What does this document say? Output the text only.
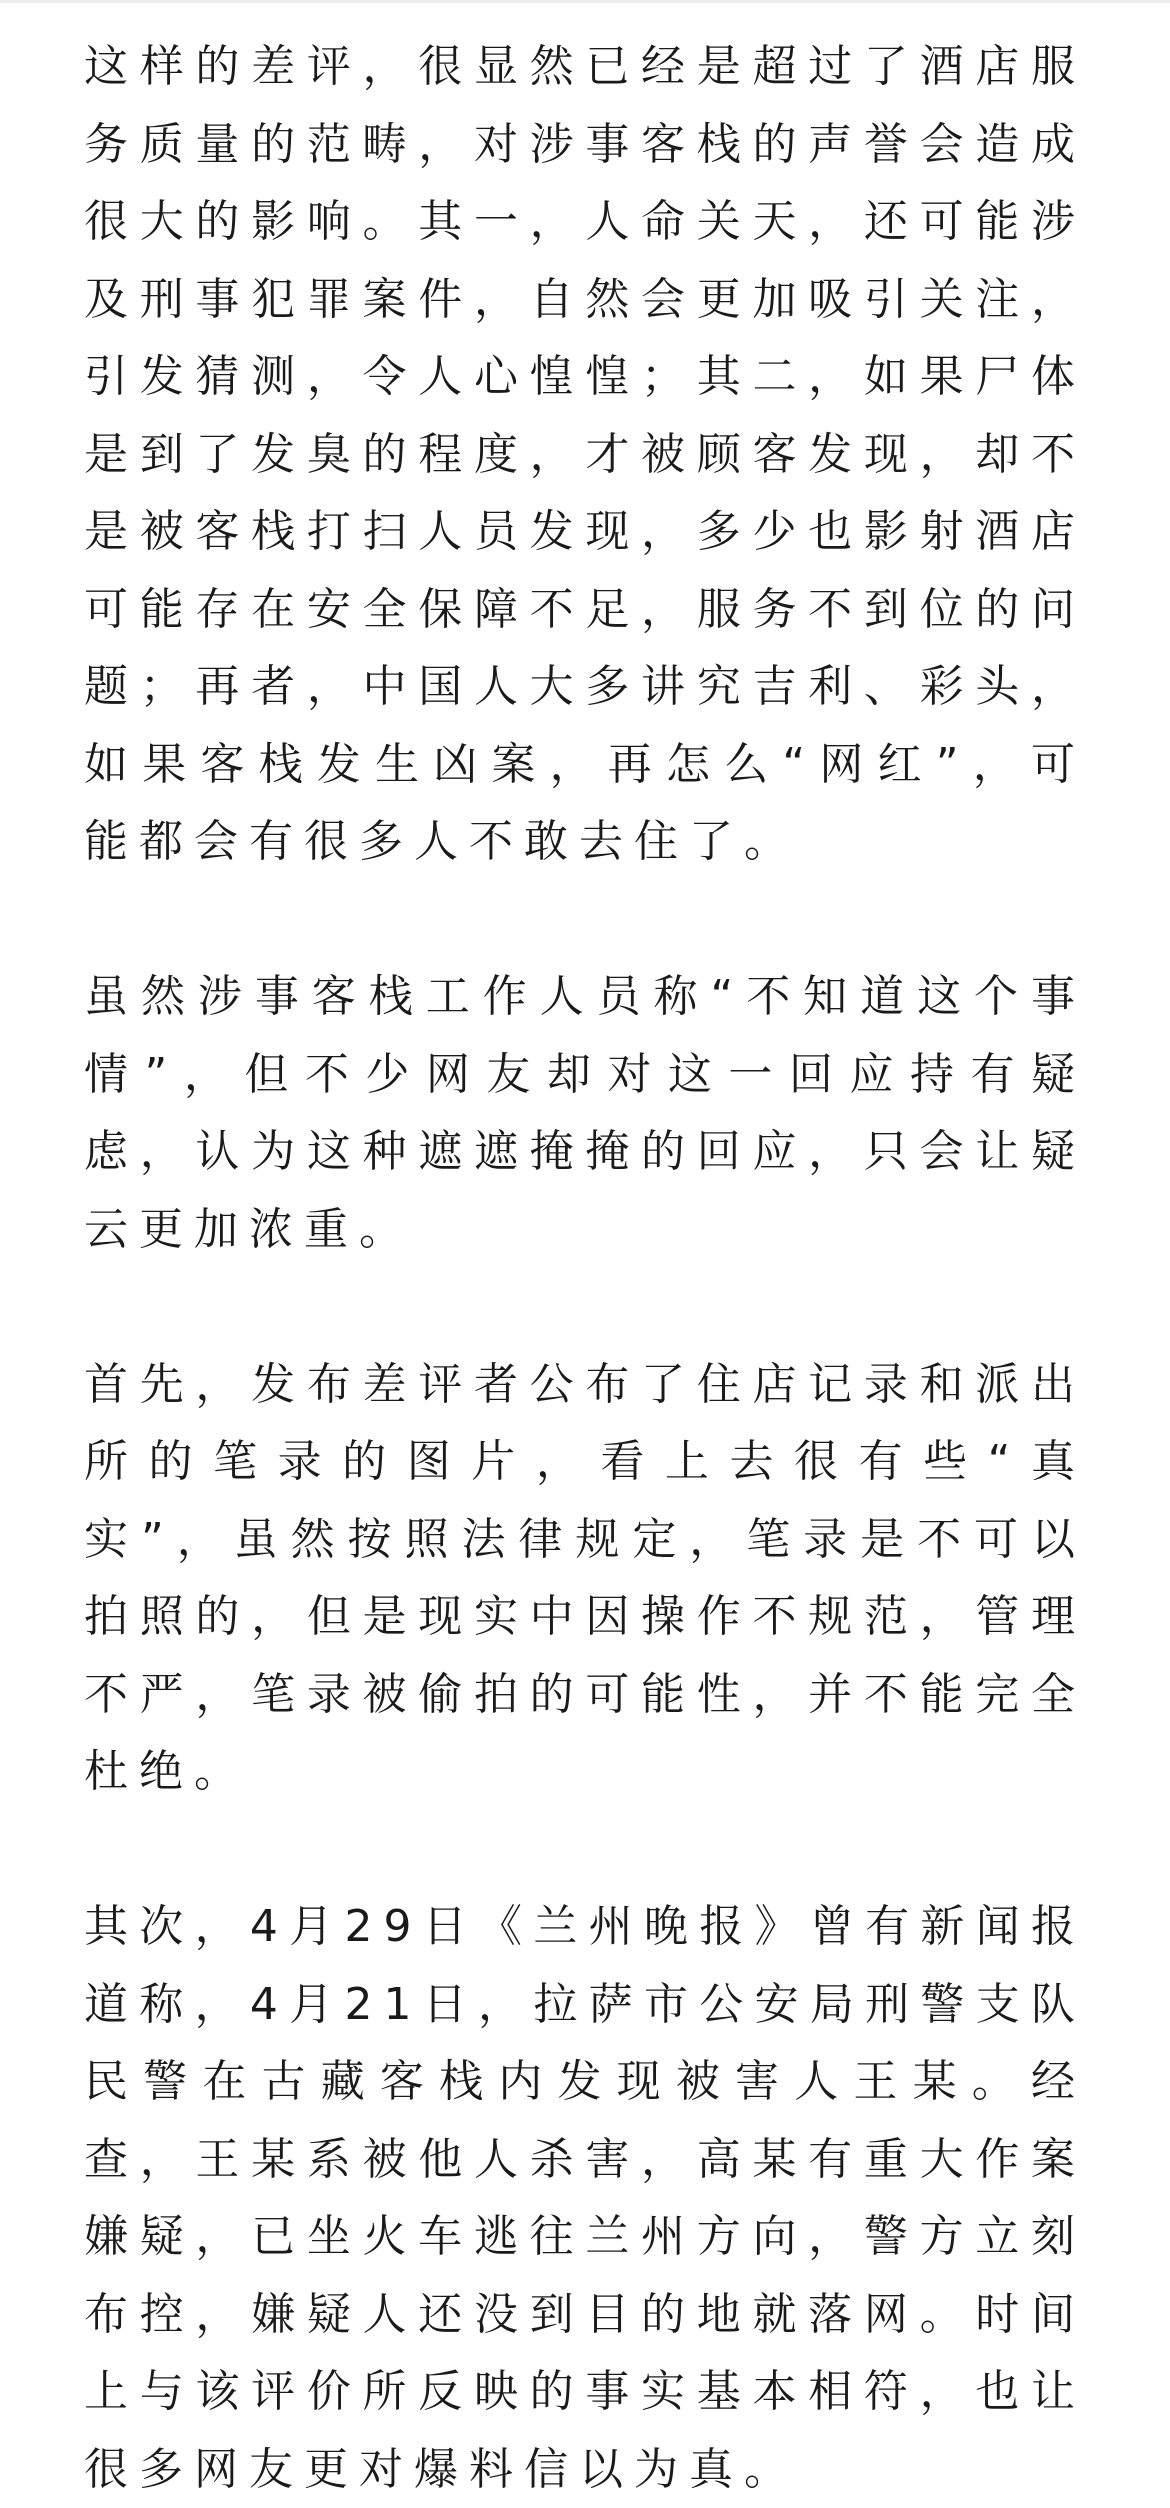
这样的差评，很显然已经是超过了酒店服务质量的范畴，对涉事客栈的声誉会造成很大的影响。其一，人命关天，还可能涉及刑事犯罪案件，自然会更加吸引关注，引发猜测，令人心惶惶；其二，如果尸体是到了发臭的程度，才被顾客发现，却不是被客栈打扫人员发现，多少也影射酒店可能存在安全保障不足，服务不到位的问题；再者，中国人大多讲究吉利、彩头，如果客栈发生凶案，再怎么“网红”，可能都会有很多人不敢去住了。

虽然涉事客栈工作人员称“不知道这个事情”，但不少网友却对这一回应持有疑虑，认为这种遮遮掩掩的回应，只会让疑云更加浓重。

首先，发布差评者公布了住店记录和派出所的笔录的图片，看上去很有些“真实”，虽然按照法律规定，笔录是不可以拍照的，但是现实中因操作不规范，管理不严，笔录被偷拍的可能性，并不能完全杜绝。

其次，4月29日《兰州晚报》曾有新闻报道称，4月21日，拉萨市公安局刑警支队民警在古藏客栈内发现被害人王某。经查，王某系被他人杀害，高某有重大作案嫌疑，已坐火车逃往兰州方向，警方立刻布控，嫌疑人还没到目的地就落网。时间上与该评价所反映的事实基本相符，也让很多网友更对爆料信以为真。
